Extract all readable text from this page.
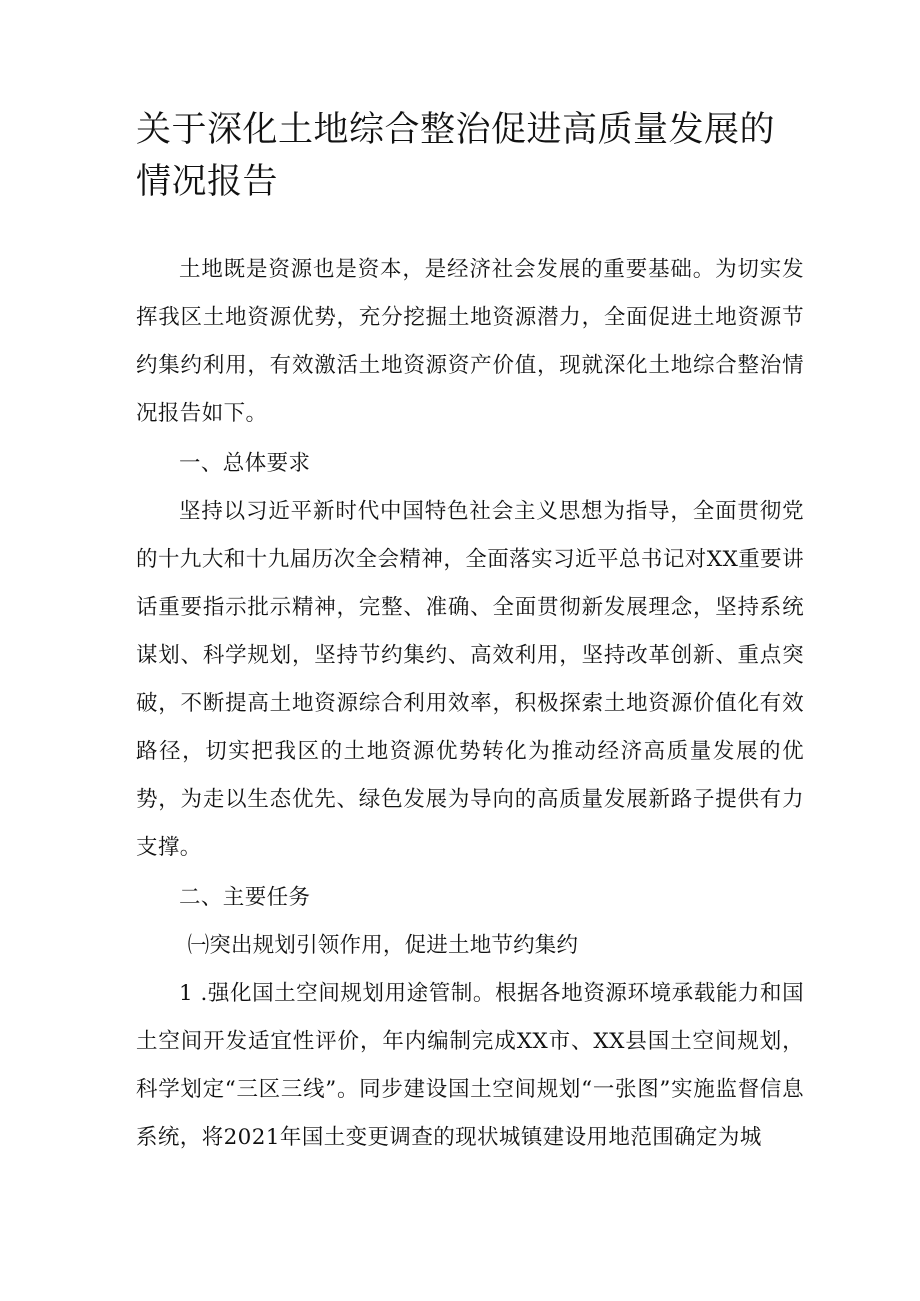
关于深化土地综合整治促进高质量发展的情况报告

土地既是资源也是资本，是经济社会发展的重要基础。为切实发挥我区土地资源优势，充分挖掘土地资源潜力，全面促进土地资源节约集约利用，有效激活土地资源资产价值，现就深化土地综合整治情况报告如下。

一、总体要求

坚持以习近平新时代中国特色社会主义思想为指导，全面贯彻党的十九大和十九届历次全会精神，全面落实习近平总书记对XX重要讲话重要指示批示精神，完整、准确、全面贯彻新发展理念，坚持系统谋划、科学规划，坚持节约集约、高效利用，坚持改革创新、重点突破，不断提高土地资源综合利用效率，积极探索土地资源价值化有效路径，切实把我区的土地资源优势转化为推动经济高质量发展的优势，为走以生态优先、绿色发展为导向的高质量发展新路子提供有力支撑。

二、主要任务

㈠突出规划引领作用，促进土地节约集约

1 .强化国土空间规划用途管制。根据各地资源环境承载能力和国土空间开发适宜性评价，年内编制完成XX市、XX县国土空间规划，科学划定“三区三线”。同步建设国土空间规划“一张图”实施监督信息系统，将2021年国土变更调查的现状城镇建设用地范围确定为城
